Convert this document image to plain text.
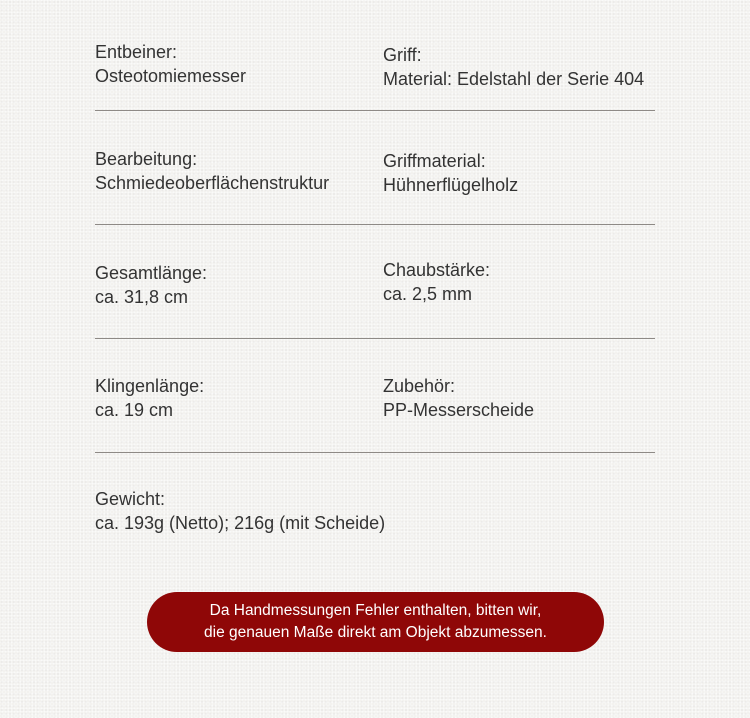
Entbeiner:
Osteotomiemesser
Griff:
Material: Edelstahl der Serie 404
Bearbeitung:
Schmiedeoberflächenstruktur
Griffmaterial:
Hühnerflügelholz
Gesamtlänge:
ca. 31,8 cm
Chaubstärke:
ca. 2,5 mm
Klingenlänge:
ca. 19 cm
Zubehör:
PP-Messerscheide
Gewicht:
ca. 193g (Netto); 216g (mit Scheide)
Da Handmessungen Fehler enthalten, bitten wir,
die genauen Maße direkt am Objekt abzumessen.
